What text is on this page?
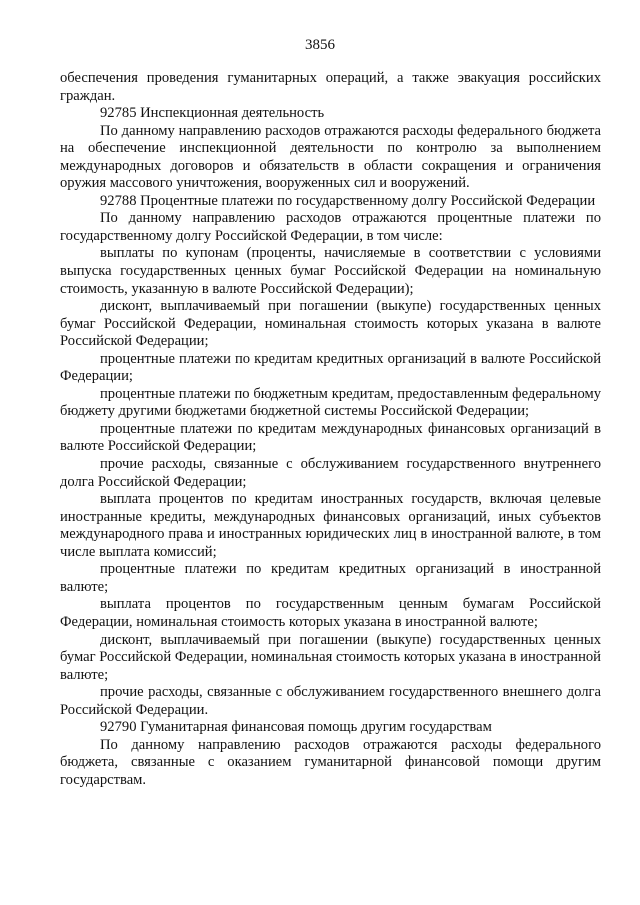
3856

обеспечения проведения гуманитарных операций, а также эвакуация российских граждан.

92785 Инспекционная деятельность

По данному направлению расходов отражаются расходы федерального бюджета на обеспечение инспекционной деятельности по контролю за выполнением международных договоров и обязательств в области сокращения и ограничения оружия массового уничтожения, вооруженных сил и вооружений.

92788 Процентные платежи по государственному долгу Российской Федерации

По данному направлению расходов отражаются процентные платежи по государственному долгу Российской Федерации, в том числе:

выплаты по купонам (проценты, начисляемые в соответствии с условиями выпуска государственных ценных бумаг Российской Федерации на номинальную стоимость, указанную в валюте Российской Федерации);

дисконт, выплачиваемый при погашении (выкупе) государственных ценных бумаг Российской Федерации, номинальная стоимость которых указана в валюте Российской Федерации;

процентные платежи по кредитам кредитных организаций в валюте Российской Федерации;

процентные платежи по бюджетным кредитам, предоставленным федеральному бюджету другими бюджетами бюджетной системы Российской Федерации;

процентные платежи по кредитам международных финансовых организаций в валюте Российской Федерации;

прочие расходы, связанные с обслуживанием государственного внутреннего долга Российской Федерации;

выплата процентов по кредитам иностранных государств, включая целевые иностранные кредиты, международных финансовых организаций, иных субъектов международного права и иностранных юридических лиц в иностранной валюте, в том числе выплата комиссий;

процентные платежи по кредитам кредитных организаций в иностранной валюте;

выплата процентов по государственным ценным бумагам Российской Федерации, номинальная стоимость которых указана в иностранной валюте;

дисконт, выплачиваемый при погашении (выкупе) государственных ценных бумаг Российской Федерации, номинальная стоимость которых указана в иностранной валюте;

прочие расходы, связанные с обслуживанием государственного внешнего долга Российской Федерации.

92790 Гуманитарная финансовая помощь другим государствам

По данному направлению расходов отражаются расходы федерального бюджета, связанные с оказанием гуманитарной финансовой помощи другим государствам.
